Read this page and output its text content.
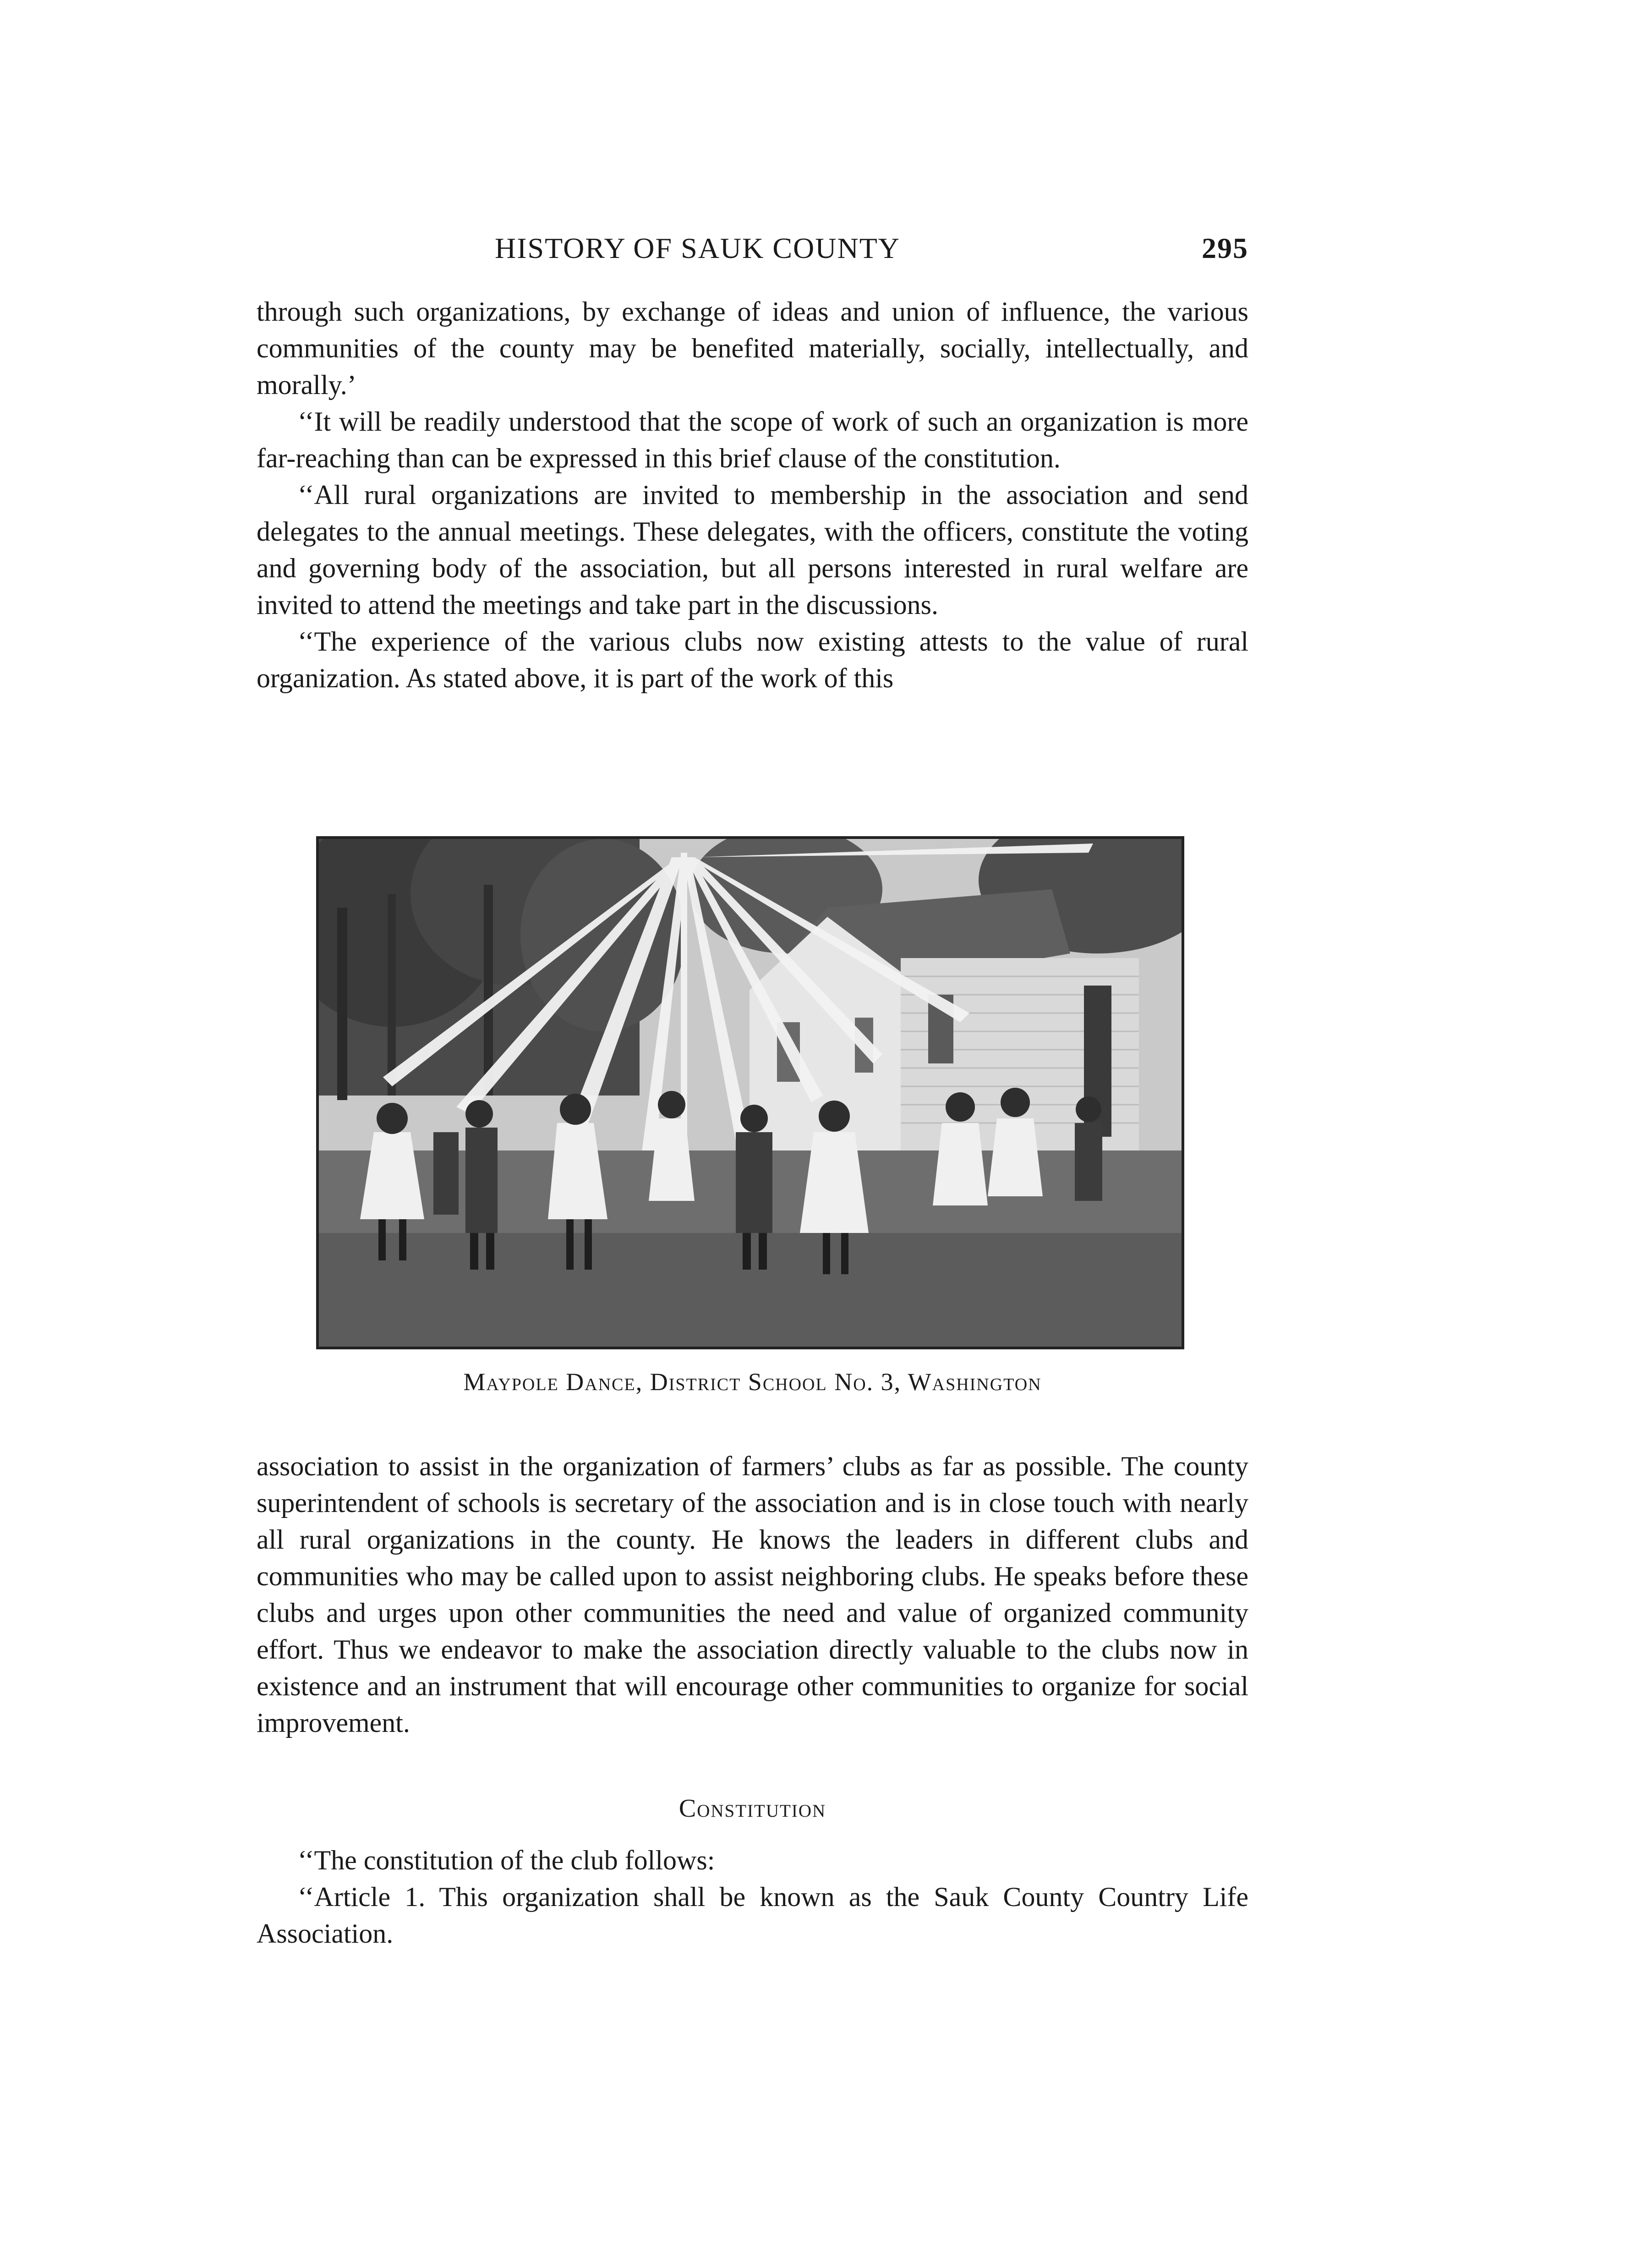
HISTORY OF SAUK COUNTY	295

through such organizations, by exchange of ideas and union of influence, the various communities of the county may be benefited materially, socially, intellectually, and morally.’

‘‘It will be readily understood that the scope of work of such an organization is more far-reaching than can be expressed in this brief clause of the constitution.

‘‘All rural organizations are invited to membership in the association and send delegates to the annual meetings. These delegates, with the officers, constitute the voting and governing body of the association, but all persons interested in rural welfare are invited to attend the meetings and take part in the discussions.

‘‘The experience of the various clubs now existing attests to the value of rural organization. As stated above, it is part of the work of this

Maypole Dance, District School No. 3, Washington

association to assist in the organization of farmers’ clubs as far as possible. The county superintendent of schools is secretary of the association and is in close touch with nearly all rural organizations in the county. He knows the leaders in different clubs and communities who may be called upon to assist neighboring clubs. He speaks before these clubs and urges upon other communities the need and value of organized community effort. Thus we endeavor to make the association directly valuable to the clubs now in existence and an instrument that will encourage other communities to organize for social improvement.

Constitution

‘‘The constitution of the club follows:

‘‘Article 1. This organization shall be known as the Sauk County Country Life Association.
